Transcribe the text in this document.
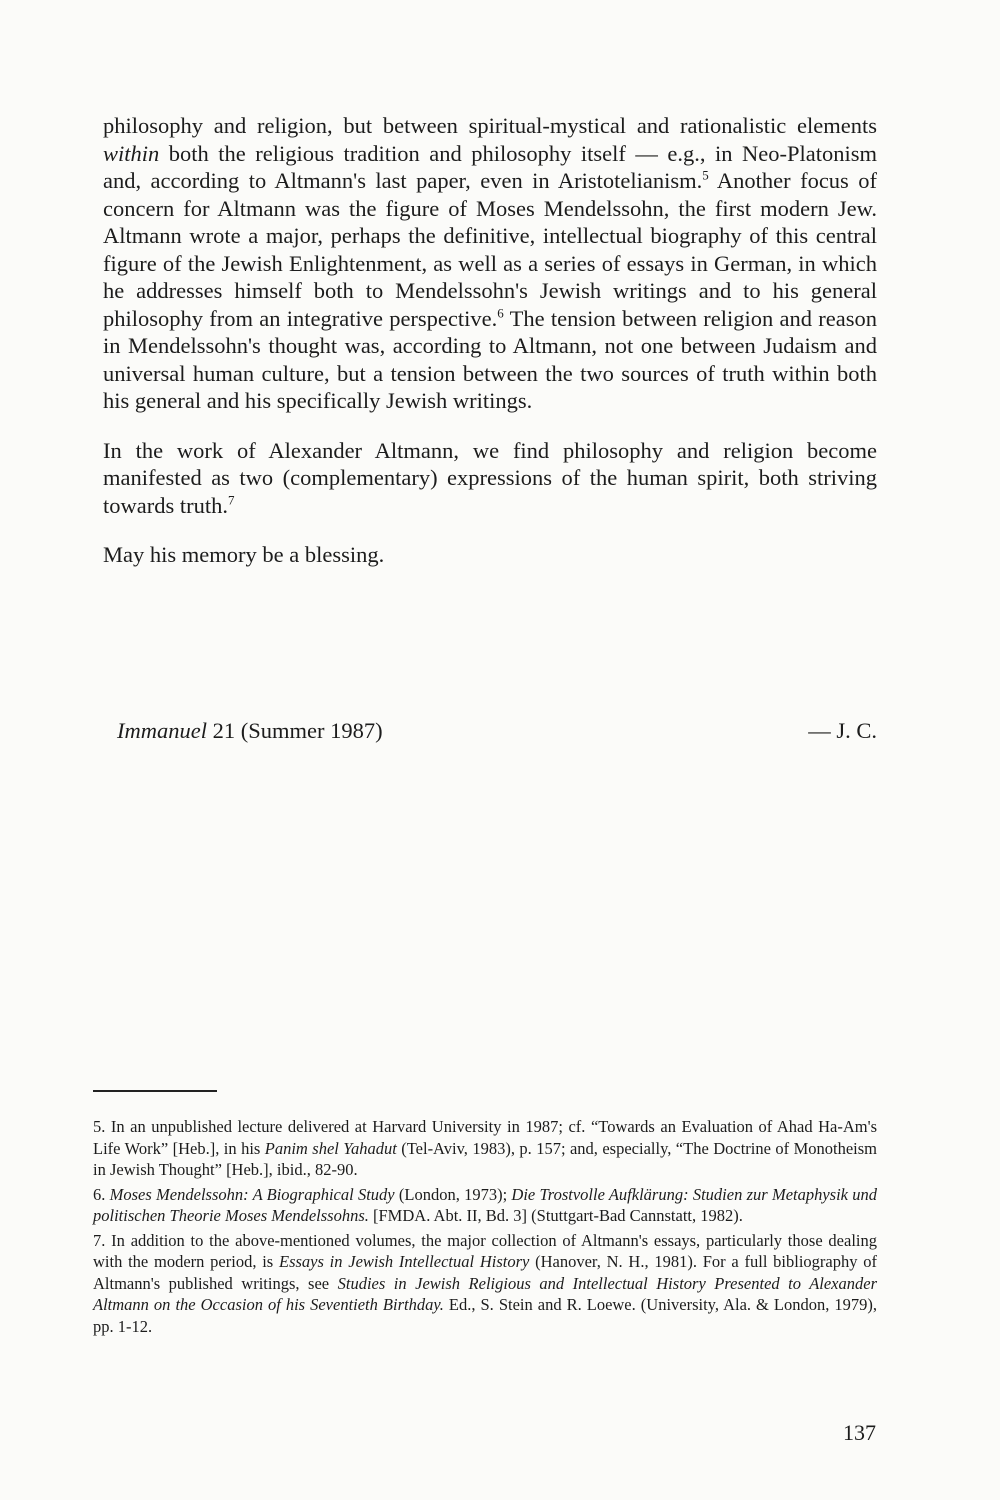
philosophy and religion, but between spiritual-mystical and rationalistic elements within both the religious tradition and philosophy itself — e.g., in Neo-Platonism and, according to Altmann's last paper, even in Aristotelianism.$^5$ Another focus of concern for Altmann was the figure of Moses Mendelssohn, the first modern Jew. Altmann wrote a major, perhaps the definitive, intellectual biography of this central figure of the Jewish Enlightenment, as well as a series of essays in German, in which he addresses himself both to Mendelssohn's Jewish writings and to his general philosophy from an integrative perspective.$^6$ The tension between religion and reason in Mendelssohn's thought was, according to Altmann, not one between Judaism and universal human culture, but a tension between the two sources of truth within both his general and his specifically Jewish writings.

In the work of Alexander Altmann, we find philosophy and religion become manifested as two (complementary) expressions of the human spirit, both striving towards truth.$^7$

May his memory be a blessing.

Immanuel 21 (Summer 1987)	— J. C.

5. In an unpublished lecture delivered at Harvard University in 1987; cf. “Towards an Evaluation of Ahad Ha-Am's Life Work” [Heb.], in his Panim shel Yahadut (Tel-Aviv, 1983), p. 157; and, especially, “The Doctrine of Monotheism in Jewish Thought” [Heb.], ibid., 82-90.

6. Moses Mendelssohn: A Biographical Study (London, 1973); Die Trostvolle Aufklärung: Studien zur Metaphysik und politischen Theorie Moses Mendelssohns. [FMDA. Abt. II, Bd. 3] (Stuttgart-Bad Cannstatt, 1982).

7. In addition to the above-mentioned volumes, the major collection of Altmann's essays, particularly those dealing with the modern period, is Essays in Jewish Intellectual History (Hanover, N. H., 1981). For a full bibliography of Altmann's published writings, see Studies in Jewish Religious and Intellectual History Presented to Alexander Altmann on the Occasion of his Seventieth Birthday. Ed., S. Stein and R. Loewe. (University, Ala. & London, 1979), pp. 1-12.

137
